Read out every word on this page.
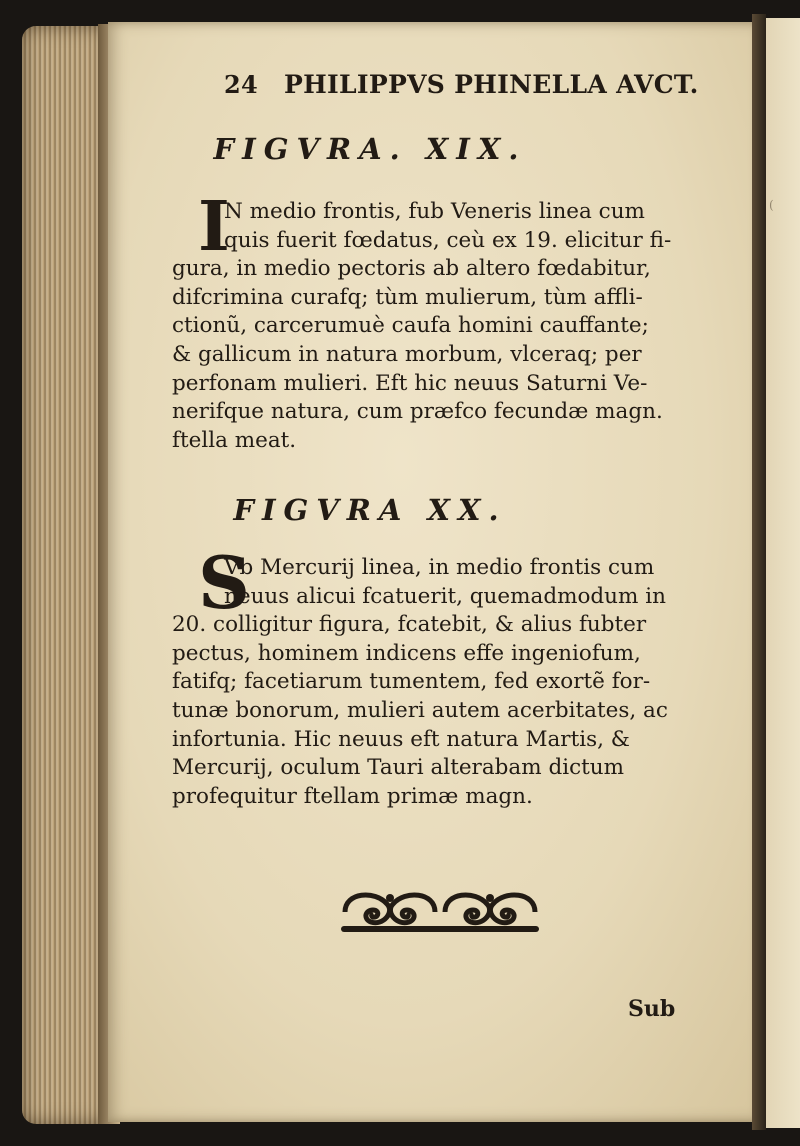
(
24 PHILIPPVS PHINELLA AVCT.
FIGVRA. XIX.
I
N medio frontis, fub Veneris linea cum
quis fuerit fœdatus, ceù ex 19. elicitur fi-
gura, in medio pectoris ab altero fœdabitur,
difcrimina curafq; tùm mulierum, tùm affli-
ctionũ, carcerumuè caufa homini cauffante;
& gallicum in natura morbum, vlceraq; per
perfonam mulieri. Eft hic neuus Saturni Ve-
nerifque natura, cum præfco fecundæ magn.
ftella meat.
FIGVRA XX.
S
Vb Mercurij linea, in medio frontis cum
neuus alicui fcatuerit, quemadmodum in
20. colligitur figura, fcatebit, & alius fubter
pectus, hominem indicens effe ingeniofum,
fatifq; facetiarum tumentem, fed exortẽ for-
tunæ bonorum, mulieri autem acerbitates, ac
infortunia. Hic neuus eft natura Martis, &
Mercurij, oculum Tauri alterabam dictum
profequitur ftellam primæ magn.
Sub
